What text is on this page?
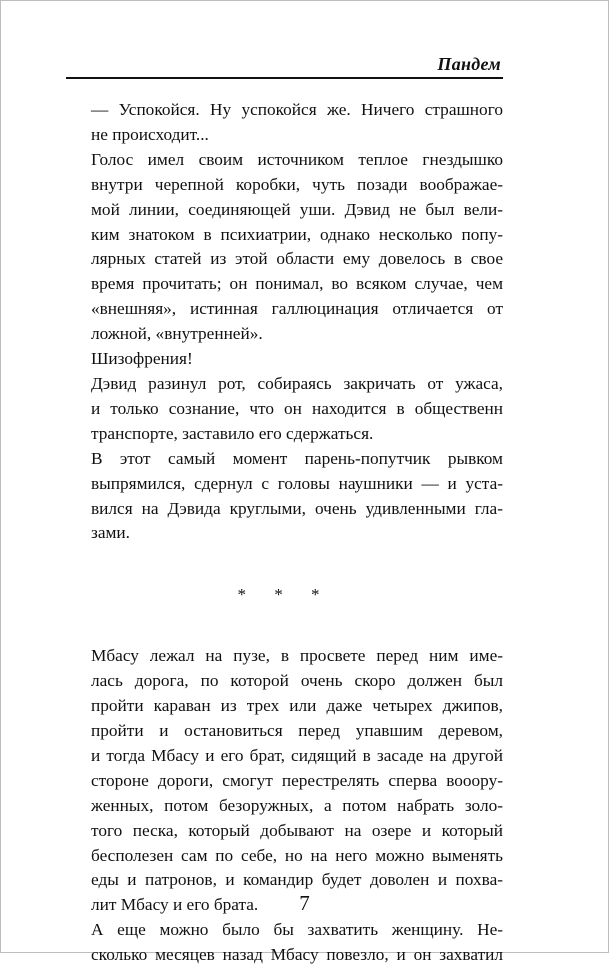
Пандем

— Успокойся. Ну успокойся же. Ничего страшного
не происходит...

Голос имел своим источником теплое гнездышко
внутри черепной коробки, чуть позади воображае-
мой линии, соединяющей уши. Дэвид не был вели-
ким знатоком в психиатрии, однако несколько попу-
лярных статей из этой области ему довелось в свое
время прочитать; он понимал, во всяком случае, чем
«внешняя», истинная галлюцинация отличается от
ложной, «внутренней».

Шизофрения!

Дэвид разинул рот, собираясь закричать от ужаса,
и только сознание, что он находится в общественн
транспорте, заставило его сдержаться.

В этот самый момент парень-попутчик рывком
выпрямился, сдернул с головы наушники — и уста-
вился на Дэвида круглыми, очень удивленными гла-
зами.

* * *

Мбасу лежал на пузе, в просвете перед ним име-
лась дорога, по которой очень скоро должен был
пройти караван из трех или даже четырех джипов,
пройти и остановиться перед упавшим деревом,
и тогда Мбасу и его брат, сидящий в засаде на другой
стороне дороги, смогут перестрелять сперва вооору-
женных, потом безоружных, а потом набрать золо-
того песка, который добывают на озере и который
бесполезен сам по себе, но на него можно выменять
еды и патронов, и командир будет доволен и похва-
лит Мбасу и его брата.

А еще можно было бы захватить женщину. Не-
сколько месяцев назад Мбасу повезло, и он захватил

7
